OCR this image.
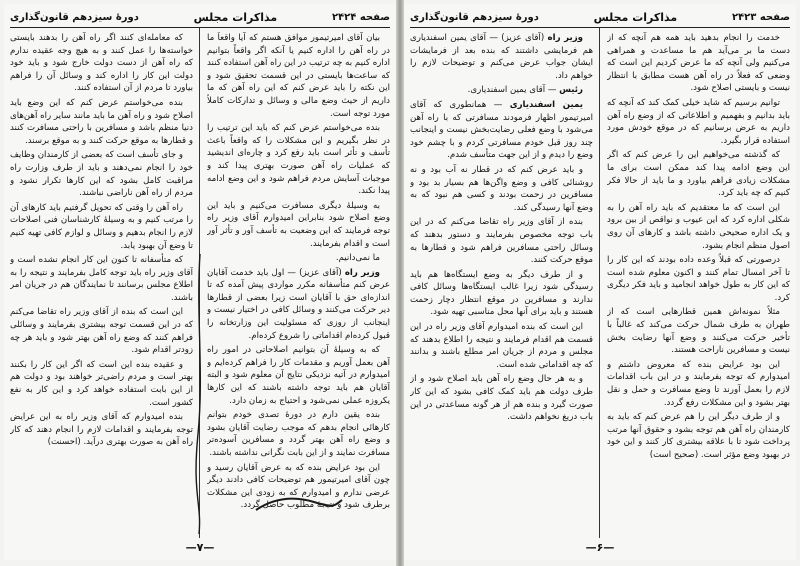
صفحه ۲۴۲۴
مذاکرات مجلس
دورهٔ سیزدهم قانون‌گذاری

بیان آقای امیرتیمور موافق هستم که آیا واقعاً ما در راه آهن را اداره کنیم یا آنکه اگر واقعاً بتوانیم اداره کنیم به چه ترتیب در این راه آهن استفاده کنند که ساعت‌ها بایستی در این قسمت تحقیق شود و این نکته را باید عرض کنم که این راه آهن که ما داریم از حیث وضع مالی و وسائل و تدارکات کاملاً مورد توجه است.

بنده می‌خواستم عرض کنم که باید این ترتیب را در نظر بگیریم و این مشکلات را که واقعاً باعث تأسف و تأثر است باید رفع کرد و چاره‌ای اندیشید که عملیات راه آهن صورت بهتری پیدا کند و موجبات آسایش مردم فراهم شود و این وضع ادامه پیدا نکند.

به وسیلهٔ دیگری مسافرت می‌کنیم و باید این وضع اصلاح شود بنابراین امیدوارم آقای وزیر راه توجه فرمایند که این وضعیت به تأسف آور و تأثر آور است و اقدام بفرمایند.

ما نمی‌دانیم.

وزیر راه (آقای عزیز) — اول باید خدمت آقایان عرض کنم متأسفانه مکرر مواردی پیش آمده که تا اندازه‌ای حق با آقایان است زیرا بعضی از قطارها دیر حرکت می‌کنند و وسائل کافی در اختیار نیست و اینجانب از روزی که مسئولیت این وزارتخانه را قبول کرده‌ام اقداماتی را شروع کرده‌ام.

که به وسیلهٔ آن بتوانیم اصلاحاتی در امور راه آهن بعمل آوریم و مقدمات کار را فراهم کرده‌ایم و امیدوارم در آتیه نزدیکی نتایج آن معلوم شود و البته آقایان هم باید توجه داشته باشند که این کارها یکروزه عملی نمی‌شود و احتیاج به زمان دارد.

بنده یقین دارم در دورهٔ تصدی خودم بتوانم کارهائی انجام بدهم که موجب رضایت آقایان بشود و وضع راه آهن بهتر گردد و مسافرین آسوده‌تر مسافرت نمایند و از این بابت نگرانی نداشته باشند.

این بود عرایض بنده که به عرض آقایان رسید و چون آقای امیرتیمور هم توضیحات کافی دادند دیگر عرضی ندارم و امیدوارم که به زودی این مشکلات برطرف شود و نتیجهٔ مطلوب حاصل گردد.

که معامله‌ای کنند اگر راه آهن را بدهند بایستی خواسته‌ها را عمل کنند و به هیچ وجه عقیده ندارم که راه آهن از دست دولت خارج شود و باید خود دولت این کار را اداره کند و وسائل آن را فراهم بیاورد تا مردم از آن استفاده کنند.

بنده می‌خواستم عرض کنم که این وضع باید اصلاح شود و راه آهن ما باید مانند سایر راه آهن‌های دنیا منظم باشد و مسافرین با راحتی مسافرت کنند و قطارها به موقع حرکت کنند و به موقع برسند.

و جای تأسف است که بعضی از کارمندان وظایف خود را انجام نمی‌دهند و باید از طرف وزارت راه مراقبت کامل بشود که این کارها تکرار نشود و مردم از راه آهن ناراضی نباشند.

راه آهن را وقتی که تحویل گرفتیم باید کارهای آن را مرتب کنیم و به وسیلهٔ کارشناسان فنی اصلاحات لازم را انجام بدهیم و وسائل و لوازم کافی تهیه کنیم تا وضع آن بهبود یابد.

که متأسفانه تا کنون این کار انجام نشده است و آقای وزیر راه باید توجه کامل بفرمایند و نتیجه را به اطلاع مجلس برسانند تا نمایندگان هم در جریان امر باشند.

این است که بنده از آقای وزیر راه تقاضا می‌کنم که در این قسمت توجه بیشتری بفرمایند و وسائلی فراهم کنند که وضع راه آهن بهتر شود و باید هر چه زودتر اقدام شود.

و عقیده بنده این است که اگر این کار را بکنند بهتر است و مردم راضی‌تر خواهند بود و دولت هم از این بابت استفاده خواهد کرد و این کار به نفع کشور است.

بنده امیدوارم که آقای وزیر راه به این عرایض توجه بفرمایند و اقدامات لازم را انجام دهند که کار راه آهن به صورت بهتری درآید. (احسنت)

—۷—
صفحه ۲۴۲۳
مذاکرات مجلس
دورهٔ سیزدهم قانون‌گذاری

خدمت را انجام بدهید باید همه هم آنچه که از دست ما بر می‌آید هم ما مساعدت و همراهی می‌کنیم ولی آنچه که ما عرض کردیم این است که وضعی که فعلاً در راه آهن هست مطابق با انتظار نیست و بایستی اصلاح شود.

توانیم برسیم که شاید خیلی کمک کند که آنچه که باید بدانیم و بفهمیم و اطلاعاتی که از وضع راه آهن داریم به عرض برسانیم که در موقع خودش مورد استفاده قرار بگیرد.

که گذشته می‌خواهیم این را عرض کنم که اگر این وضع ادامه پیدا کند ممکن است برای ما مشکلات زیادی فراهم بیاورد و ما باید از حالا فکر کنیم که چه باید کرد.

این است که ما معتقدیم که باید راه آهن را به شکلی اداره کرد که این عیوب و نواقص از بین برود و یک اداره صحیحی داشته باشد و کارهای آن روی اصول منظم انجام بشود.

درصورتی که قبلاً وعده داده بودند که این کار را تا آخر امسال تمام کنند و اکنون معلوم شده است که این کار به طول خواهد انجامید و باید فکر دیگری کرد.

مثلاً نمونه‌اش همین قطارهایی است که از طهران به طرف شمال حرکت می‌کند که غالباً با تأخیر حرکت می‌کنند و وضع آنها رضایت بخش نیست و مسافرین ناراحت هستند.

این بود عرایض بنده که معروض داشتم و امیدوارم که توجه بفرمایند و در این باب اقدامات لازم را بعمل آورند تا وضع مسافرت و حمل و نقل بهتر بشود و این مشکلات رفع گردد.

و از طرف دیگر این را هم عرض کنم که باید به کارمندان راه آهن هم توجه بشود و حقوق آنها مرتب پرداخت شود تا با علاقه بیشتری کار کنند و این خود در بهبود وضع مؤثر است. (صحیح است)

وزیر راه (آقای عزیز) — آقای یمین اسفندیاری هم فرمایشی داشتند که بنده بعد از فرمایشات ایشان جواب عرض می‌کنم و توضیحات لازم را خواهم داد.

رئیس — آقای یمین اسفندیاری.

یمین اسفندیاری — همانطوری که آقای امیرتیمور اظهار فرمودند مسافرتی که با راه آهن می‌شود با وضع فعلی رضایت‌بخش نیست و اینجانب چند روز قبل خودم مسافرتی کردم و با چشم خود وضع را دیدم و از این جهت متأسف شدم.

و باید عرض کنم که در قطار نه آب بود و نه روشنائی کافی و وضع واگن‌ها هم بسیار بد بود و مسافرین در زحمت بودند و کسی هم نبود که به وضع آنها رسیدگی کند.

بنده از آقای وزیر راه تقاضا می‌کنم که در این باب توجه مخصوص بفرمایند و دستور بدهند که وسائل راحتی مسافرین فراهم شود و قطارها به موقع حرکت کنند.

و از طرف دیگر به وضع ایستگاه‌ها هم باید رسیدگی شود زیرا غالب ایستگاه‌ها وسائل کافی ندارند و مسافرین در موقع انتظار دچار زحمت هستند و باید برای آنها محل مناسبی تهیه شود.

این است که بنده امیدوارم آقای وزیر راه در این قسمت هم اقدام فرمایند و نتیجه را اطلاع بدهند که مجلس و مردم از جریان امر مطلع باشند و بدانند که چه اقداماتی شده است.

و به هر حال وضع راه آهن باید اصلاح شود و از طرف دولت هم باید کمک کافی بشود که این کار صورت گیرد و بنده هم از هر گونه مساعدتی در این باب دریغ نخواهم داشت.

—۶—
